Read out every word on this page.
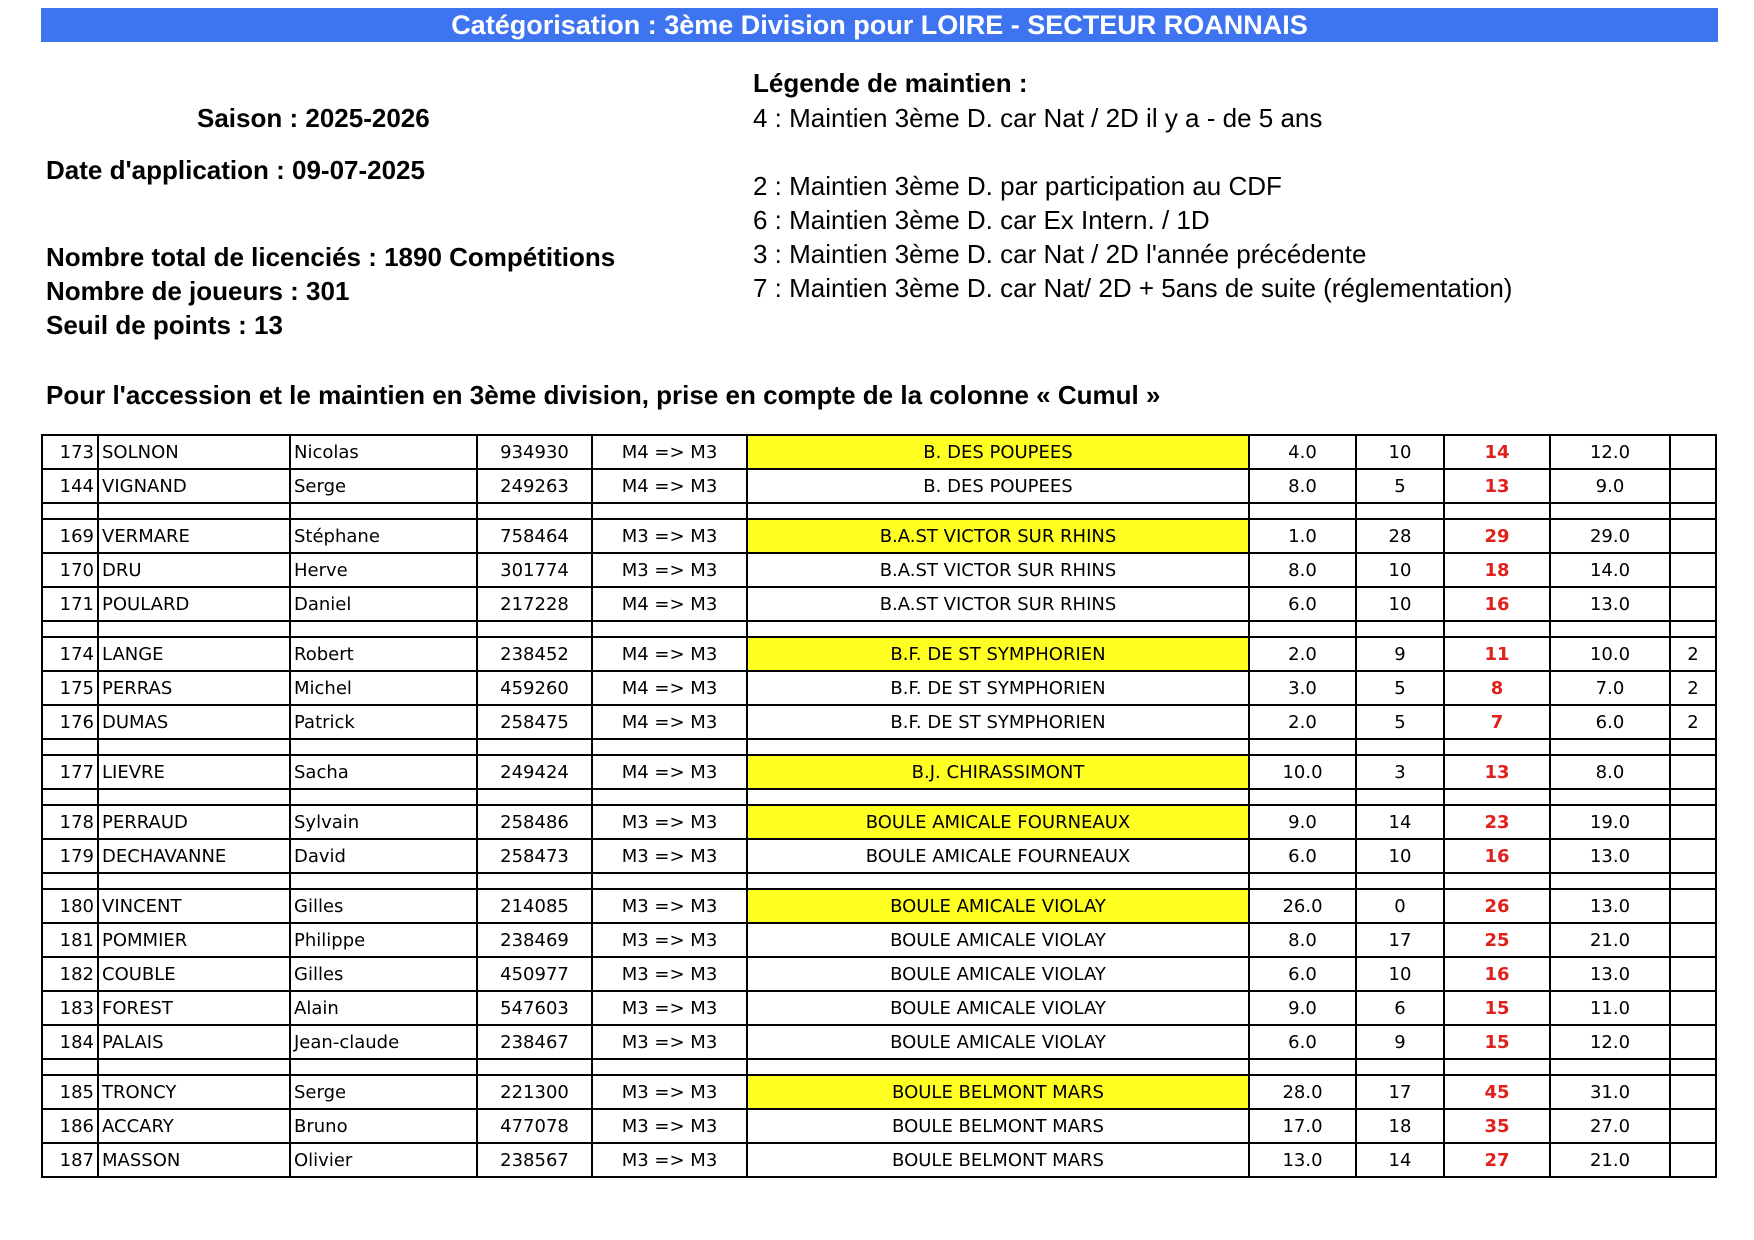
Catégorisation : 3ème Division pour LOIRE - SECTEUR ROANNAIS
Saison : 2025-2026
Date d'application : 09-07-2025
Nombre total de licenciés : 1890 Compétitions
Nombre de joueurs : 301
Seuil de points : 13
Pour l'accession et le maintien en 3ème division, prise en compte de la colonne « Cumul »
Légende de maintien :
4 : Maintien 3ème D. car Nat / 2D il y a - de 5 ans
2 : Maintien 3ème D. par participation au CDF
6 : Maintien 3ème D. car Ex Intern. / 1D
3 : Maintien 3ème D. car Nat / 2D l'année précédente
7 : Maintien 3ème D. car Nat/ 2D + 5ans de suite (réglementation)
173	SOLNON	Nicolas	934930	M4 => M3	B. DES POUPEES	4.0	10	14	12.0	
144	VIGNAND	Serge	249263	M4 => M3	B. DES POUPEES	8.0	5	13	9.0	

169	VERMARE	Stéphane	758464	M3 => M3	B.A.ST VICTOR SUR RHINS	1.0	28	29	29.0	
170	DRU	Herve	301774	M3 => M3	B.A.ST VICTOR SUR RHINS	8.0	10	18	14.0	
171	POULARD	Daniel	217228	M4 => M3	B.A.ST VICTOR SUR RHINS	6.0	10	16	13.0	

174	LANGE	Robert	238452	M4 => M3	B.F. DE ST SYMPHORIEN	2.0	9	11	10.0	2
175	PERRAS	Michel	459260	M4 => M3	B.F. DE ST SYMPHORIEN	3.0	5	8	7.0	2
176	DUMAS	Patrick	258475	M4 => M3	B.F. DE ST SYMPHORIEN	2.0	5	7	6.0	2

177	LIEVRE	Sacha	249424	M4 => M3	B.J. CHIRASSIMONT	10.0	3	13	8.0	

178	PERRAUD	Sylvain	258486	M3 => M3	BOULE AMICALE FOURNEAUX	9.0	14	23	19.0	
179	DECHAVANNE	David	258473	M3 => M3	BOULE AMICALE FOURNEAUX	6.0	10	16	13.0	

180	VINCENT	Gilles	214085	M3 => M3	BOULE AMICALE VIOLAY	26.0	0	26	13.0	
181	POMMIER	Philippe	238469	M3 => M3	BOULE AMICALE VIOLAY	8.0	17	25	21.0	
182	COUBLE	Gilles	450977	M3 => M3	BOULE AMICALE VIOLAY	6.0	10	16	13.0	
183	FOREST	Alain	547603	M3 => M3	BOULE AMICALE VIOLAY	9.0	6	15	11.0	
184	PALAIS	Jean-claude	238467	M3 => M3	BOULE AMICALE VIOLAY	6.0	9	15	12.0	

185	TRONCY	Serge	221300	M3 => M3	BOULE BELMONT MARS	28.0	17	45	31.0	
186	ACCARY	Bruno	477078	M3 => M3	BOULE BELMONT MARS	17.0	18	35	27.0	
187	MASSON	Olivier	238567	M3 => M3	BOULE BELMONT MARS	13.0	14	27	21.0	
